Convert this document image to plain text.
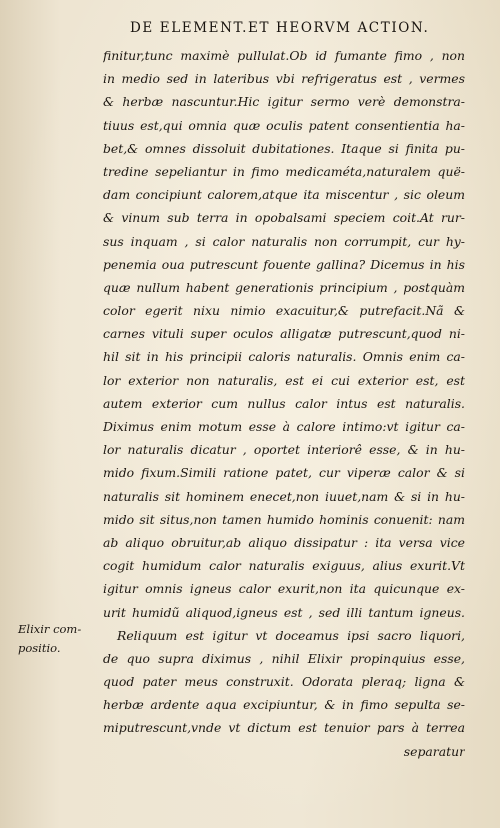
DE ELEMENT.ET HEORVM ACTION.
finitur,tunc maximè pullulat.Ob id fumante fimo , non
in medio sed in lateribus vbi refrigeratus est , vermes
& herbæ nascuntur.Hic igitur sermo verè demonstra-
tiuus est,qui omnia quæ oculis patent consentientia ha-
bet,& omnes dissoluit dubitationes. Itaque si finita pu-
tredine sepeliantur in fimo medicaméta,naturalem quë-
dam concipiunt calorem,atque ita miscentur , sic oleum
& vinum sub terra in opobalsami speciem coit.At rur-
sus inquam , si calor naturalis non corrumpit, cur hy-
penemia oua putrescunt fouente gallina? Dicemus in his
quæ nullum habent generationis principium , postquàm
color egerit nixu nimio exacuitur,& putrefacit.Nã &
carnes vituli super oculos alligatæ putrescunt,quod ni-
hil sit in his principii caloris naturalis. Omnis enim ca-
lor exterior non naturalis, est ei cui exterior est, est
autem exterior cum nullus calor intus est naturalis.
Diximus enim motum esse à calore intimo:vt igitur ca-
lor naturalis dicatur , oportet interiorê esse, & in hu-
mido fixum.Simili ratione patet, cur viperæ calor & si
naturalis sit hominem enecet,non iuuet,nam & si in hu-
mido sit situs,non tamen humido hominis conuenit: nam
ab aliquo obruitur,ab aliquo dissipatur : ita versa vice
cogit humidum calor naturalis exiguus, alius exurit.Vt
igitur omnis igneus calor exurit,non ita quicunque ex-
urit humidũ aliquod,igneus est , sed illi tantum igneus.
Reliquum est igitur vt doceamus ipsi sacro liquori,
de quo supra diximus , nihil Elixir propinquius esse,
quod pater meus construxit. Odorata pleraq; ligna &
herbæ ardente aqua excipiuntur, & in fimo sepulta se-
miputrescunt,vnde vt dictum est tenuior pars à terrea
separatur
Elixir com-
positio.
